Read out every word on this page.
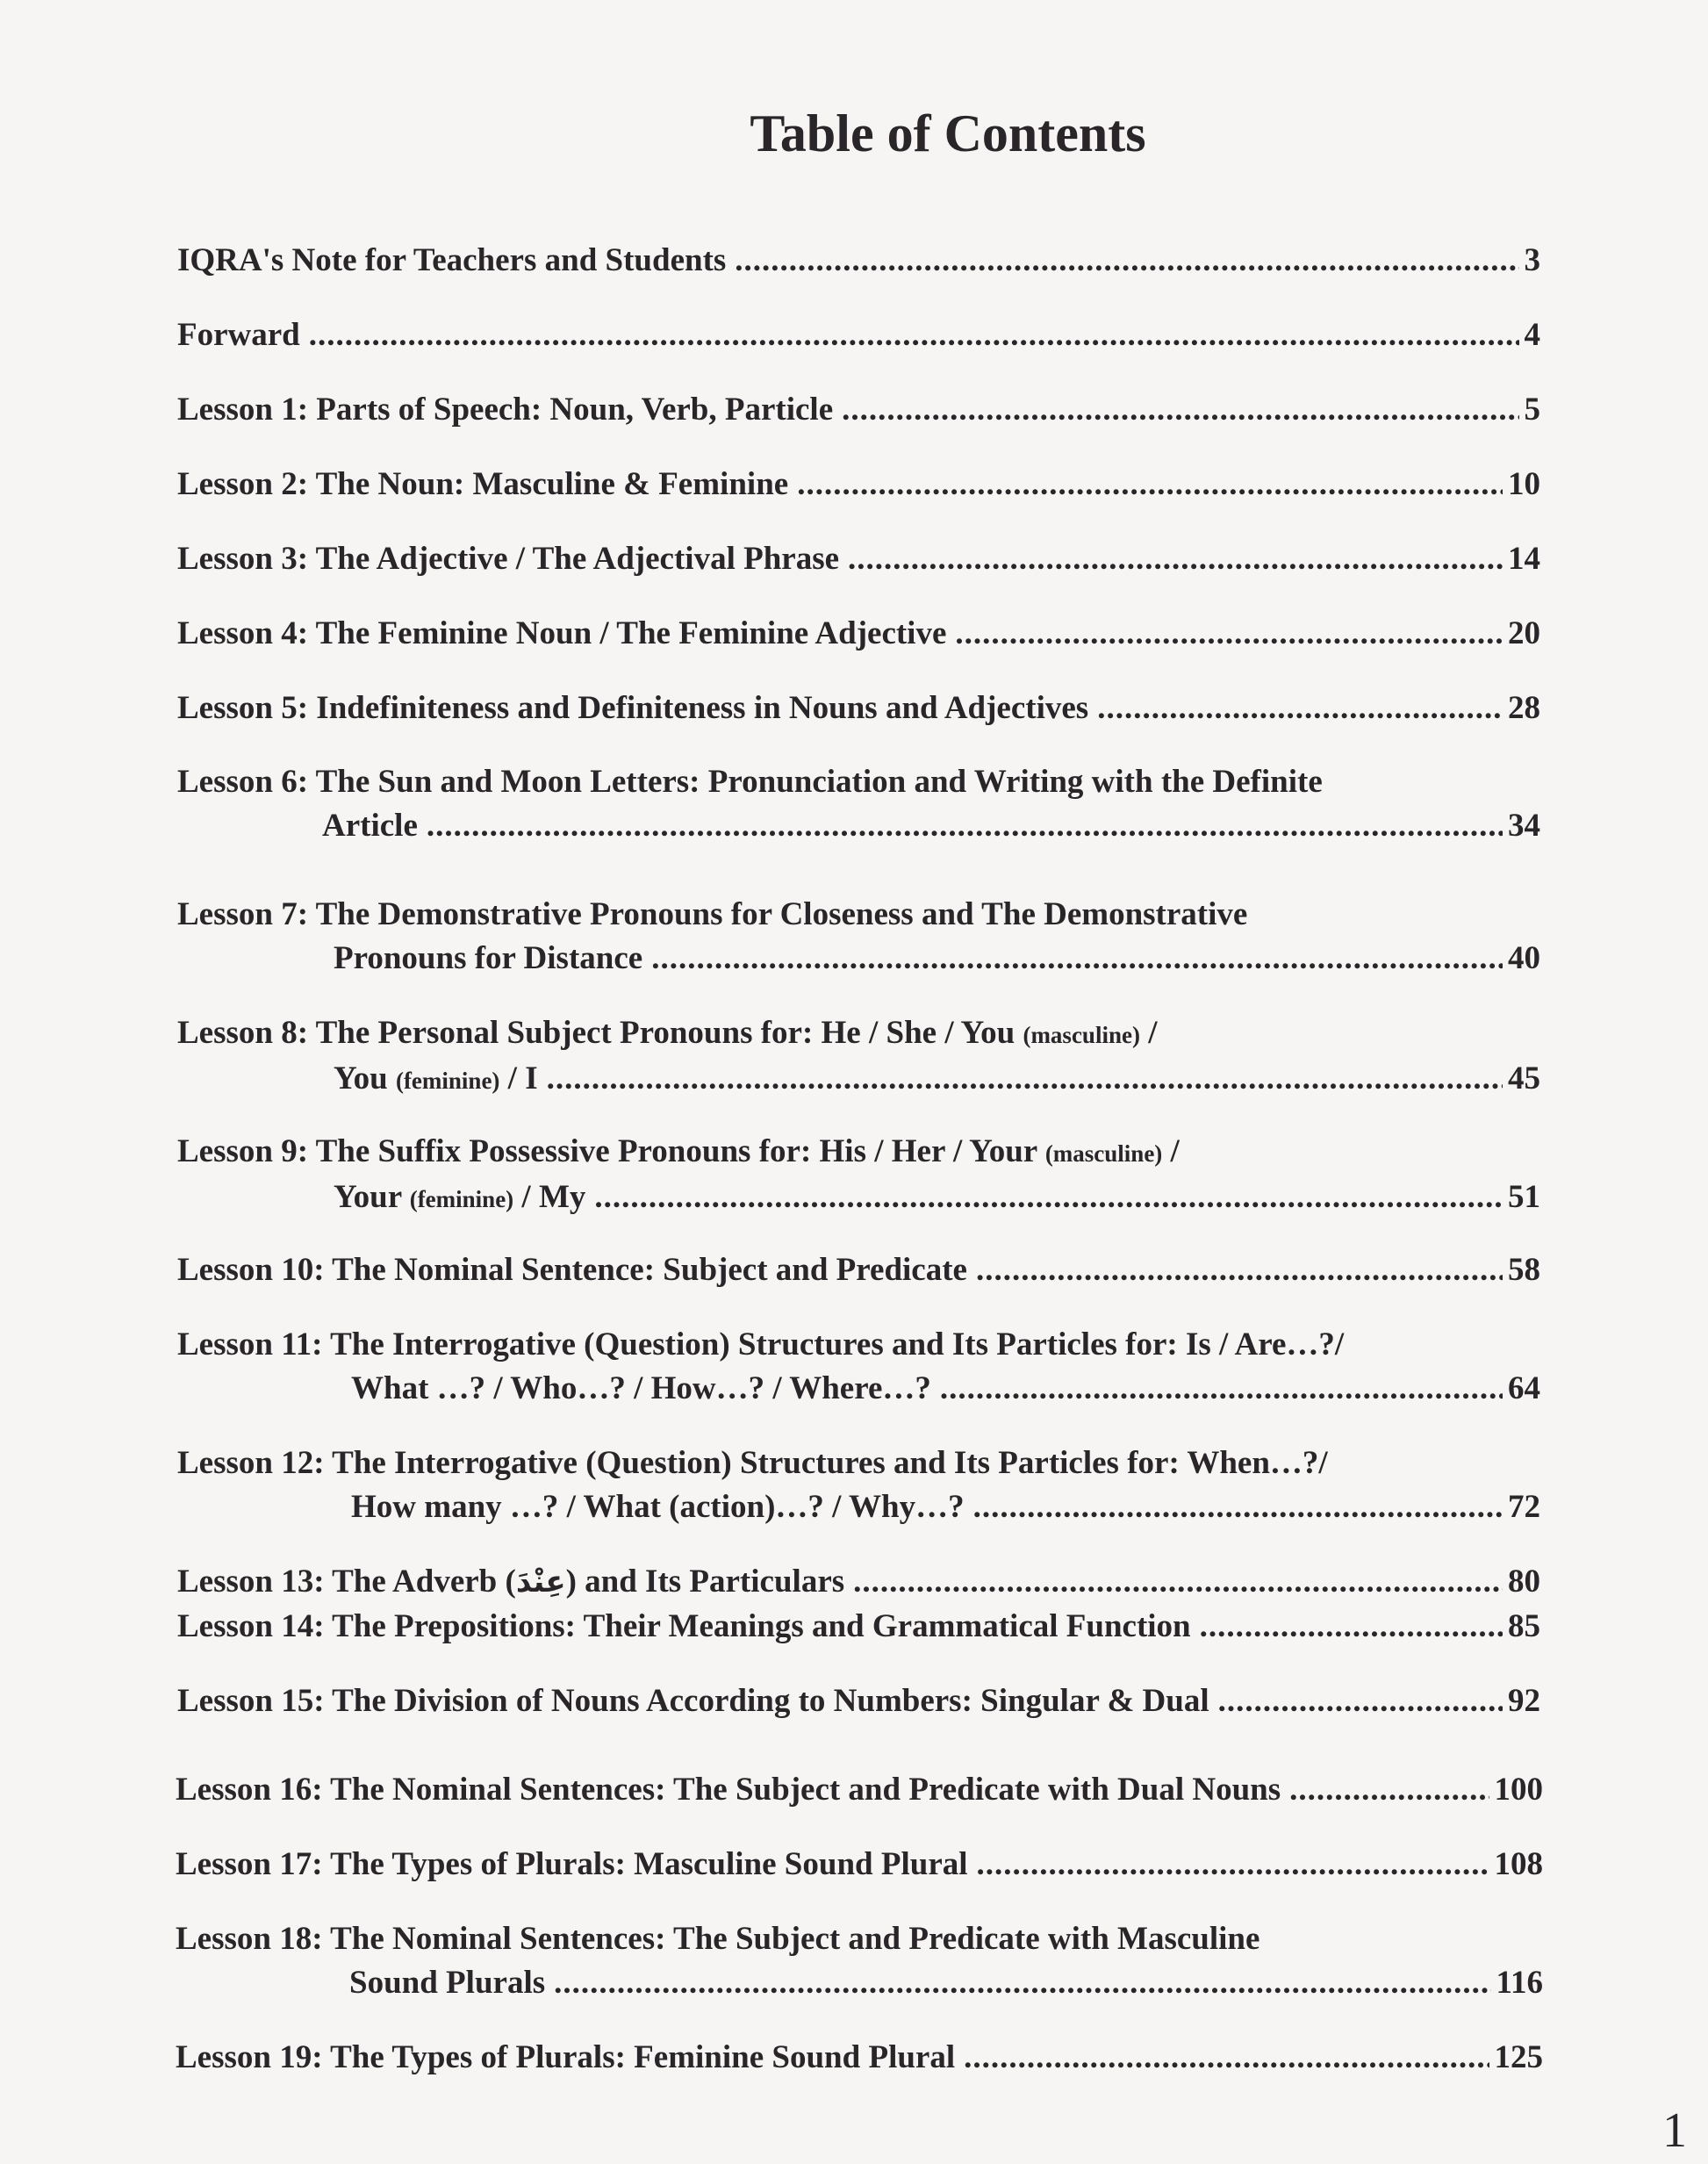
Table of Contents
IQRA's Note for Teachers and Students .....	3
Forward .....	4
Lesson 1: Parts of Speech: Noun, Verb, Particle .....	5
Lesson 2: The Noun: Masculine & Feminine .....	10
Lesson 3: The Adjective / The Adjectival Phrase .....	14
Lesson 4: The Feminine Noun / The Feminine Adjective .....	20
Lesson 5: Indefiniteness and Definiteness in Nouns and Adjectives .....	28
Lesson 6: The Sun and Moon Letters: Pronunciation and Writing with the Definite
Article .....	34
Lesson 7: The Demonstrative Pronouns for Closeness and The Demonstrative
Pronouns for Distance .....	40
Lesson 8: The Personal Subject Pronouns for: He / She / You (masculine) /
You (feminine) / I .....	45
Lesson 9: The Suffix Possessive Pronouns for: His / Her / Your (masculine) /
Your (feminine) / My .....	51
Lesson 10: The Nominal Sentence: Subject and Predicate .....	58
Lesson 11: The Interrogative (Question) Structures and Its Particles for: Is / Are…?/
What …? / Who…? / How…? / Where…? .....	64
Lesson 12: The Interrogative (Question) Structures and Its Particles for: When…?/
How many …? / What (action)…? / Why…? .....	72
Lesson 13: The Adverb (عِنْدَ) and Its Particulars .....	80
Lesson 14: The Prepositions: Their Meanings and Grammatical Function .....	85
Lesson 15: The Division of Nouns According to Numbers: Singular & Dual .....	92
Lesson 16: The Nominal Sentences: The Subject and Predicate with Dual Nouns .....	100
Lesson 17: The Types of Plurals: Masculine Sound Plural .....	108
Lesson 18: The Nominal Sentences: The Subject and Predicate with Masculine
Sound Plurals .....	116
Lesson 19: The Types of Plurals: Feminine Sound Plural .....	125
1
